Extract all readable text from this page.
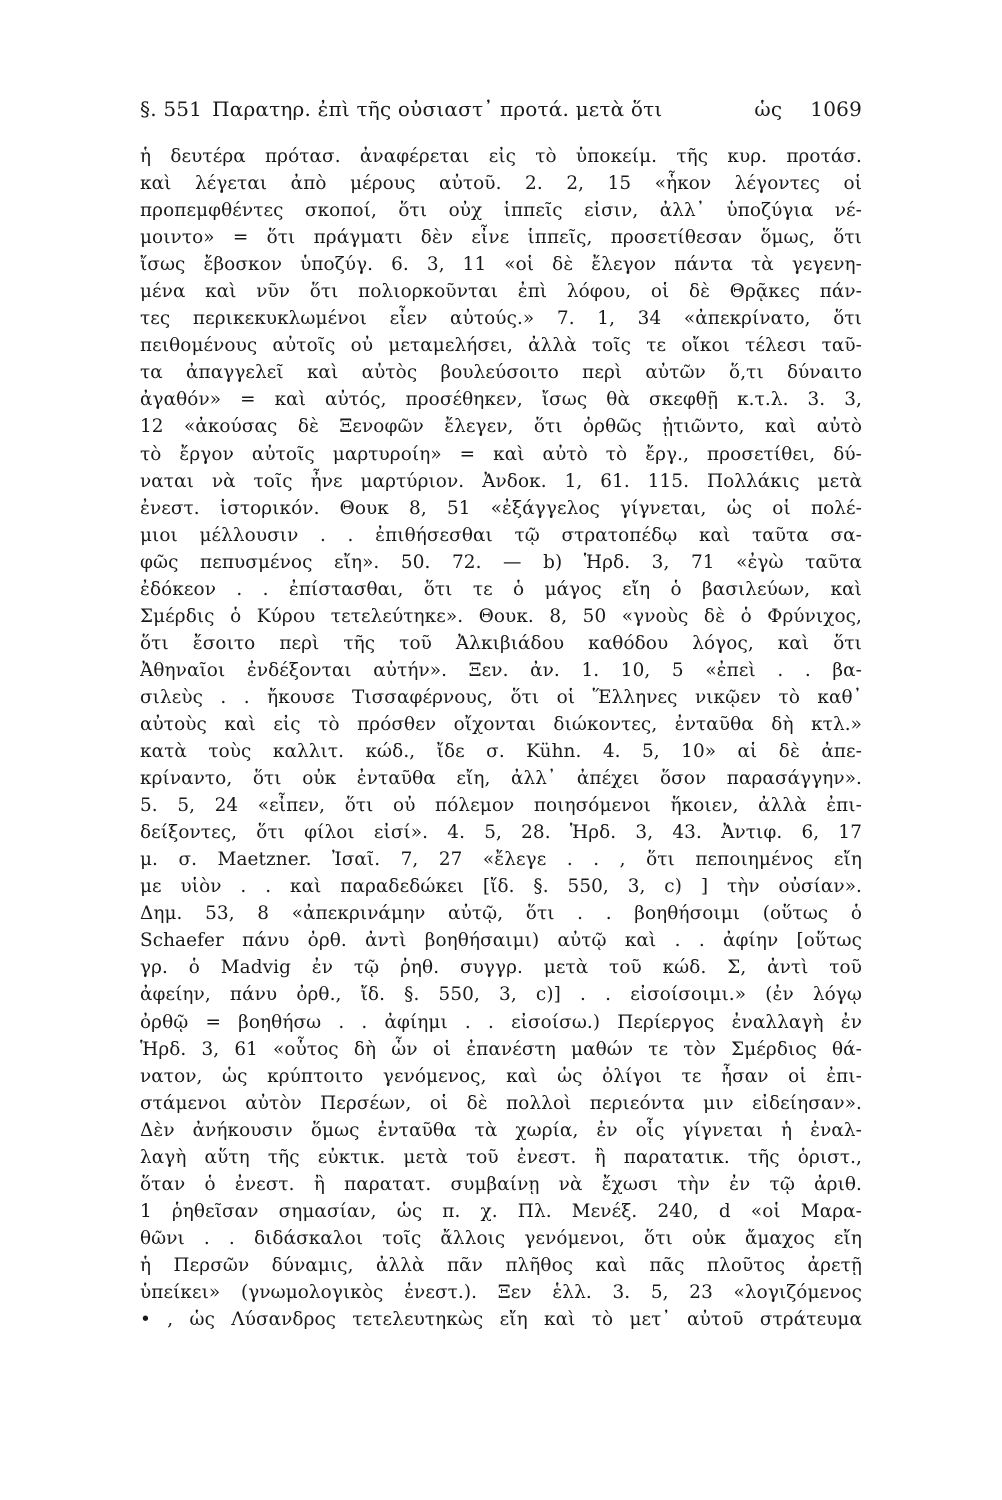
§. 551 Παρατηρ. ἐπὶ τῆς οὐσιαστ᾽ προτά. μετὰ ὅτι	ὡς 1069
ἡ δευτέρα πρότασ. ἀναφέρεται εἰς τὸ ὑποκείμ. τῆς κυρ. προτάσ.
καὶ λέγεται ἀπὸ μέρους αὐτοῦ. 2. 2, 15 «ἧκον λέγοντες οἱ
προπεμφθέντες σκοποί, ὅτι οὐχ ἱππεῖς εἰσιν, ἀλλ᾽ ὑποζύγια νέ-
μοιντο» = ὅτι πράγματι δὲν εἶνε ἱππεῖς, προσετίθεσαν ὅμως, ὅτι
ἴσως ἔβοσκον ὑποζύγ. 6. 3, 11 «οἱ δὲ ἔλεγον πάντα τὰ γεγενη-
μένα καὶ νῦν ὅτι πολιορκοῦνται ἐπὶ λόφου, οἱ δὲ Θρᾷκες πάν-
τες περικεκυκλωμένοι εἶεν αὐτούς.» 7. 1, 34 «ἀπεκρίνατο, ὅτι
πειθομένους αὐτοῖς οὐ μεταμελήσει, ἀλλὰ τοῖς τε οἴκοι τέλεσι ταῦ-
τα ἀπαγγελεῖ καὶ αὐτὸς βουλεύσοιτο περὶ αὐτῶν ὅ,τι δύναιτο
ἀγαθόν» = καὶ αὐτός, προσέθηκεν, ἴσως θὰ σκεφθῇ κ.τ.λ. 3. 3,
12 «ἀκούσας δὲ Ξενοφῶν ἔλεγεν, ὅτι ὀρθῶς ᾐτιῶντο, καὶ αὐτὸ
τὸ ἔργον αὐτοῖς μαρτυροίη» = καὶ αὐτὸ τὸ ἔργ., προσετίθει, δύ-
ναται νὰ τοῖς ἦνε μαρτύριον. Ἀνδοκ. 1, 61. 115. Πολλάκις μετὰ
ἐνεστ. ἱστορικόν. Θουκ 8, 51 «ἐξάγγελος γίγνεται, ὡς οἱ πολέ-
μιοι μέλλουσιν . . ἐπιθήσεσθαι τῷ στρατοπέδῳ καὶ ταῦτα σα-
φῶς πεπυσμένος εἴη». 50. 72. — b) Ἡρδ. 3, 71 «ἐγὼ ταῦτα
ἐδόκεον . . ἐπίστασθαι, ὅτι τε ὁ μάγος εἴη ὁ βασιλεύων, καὶ
Σμέρδις ὁ Κύρου τετελεύτηκε». Θουκ. 8, 50 «γνοὺς δὲ ὁ Φρύνιχος,
ὅτι ἔσοιτο περὶ τῆς τοῦ Ἀλκιβιάδου καθόδου λόγος, καὶ ὅτι
Ἀθηναῖοι ἐνδέξονται αὐτήν». Ξεν. ἀν. 1. 10, 5 «ἐπεὶ . . βα-
σιλεὺς . . ἤκουσε Τισσαφέρνους, ὅτι οἱ Ἕλληνες νικῷεν τὸ καθ᾽
αὐτοὺς καὶ εἰς τὸ πρόσθεν οἴχονται διώκοντες, ἐνταῦθα δὴ κτλ.»
κατὰ τοὺς καλλιτ. κώδ., ἴδε σ. Kühn. 4. 5, 10» αἱ δὲ ἀπε-
κρίναντο, ὅτι οὐκ ἐνταῦθα εἴη, ἀλλ᾽ ἀπέχει ὅσον παρασάγγην».
5. 5, 24 «εἶπεν, ὅτι οὐ πόλεμον ποιησόμενοι ἥκοιεν, ἀλλὰ ἐπι-
δείξοντες, ὅτι φίλοι εἰσί». 4. 5, 28. Ἡρδ. 3, 43. Ἀντιφ. 6, 17
μ. σ. Maetzner. Ἰσαῖ. 7, 27 «ἔλεγε . . , ὅτι πεποιημένος εἴη
με υἱὸν . . καὶ παραδεδώκει [ἴδ. §. 550, 3, c) ] τὴν οὐσίαν».
Δημ. 53, 8 «ἀπεκρινάμην αὐτῷ, ὅτι . . βοηθήσοιμι (οὕτως ὁ
Schaefer πάνυ ὀρθ. ἀντὶ βοηθήσαιμι) αὐτῷ καὶ . . ἀφίην [οὕτως
γρ. ὁ Madvig ἐν τῷ ῥηθ. συγγρ. μετὰ τοῦ κώδ. Σ, ἀντὶ τοῦ
ἀφείην, πάνυ ὀρθ., ἴδ. §. 550, 3, c)] . . εἰσοίσοιμι.» (ἐν λόγῳ
ὀρθῷ = βοηθήσω . . ἀφίημι . . εἰσοίσω.) Περίεργος ἐναλλαγὴ ἐν
Ἡρδ. 3, 61 «οὗτος δὴ ὧν οἱ ἐπανέστη μαθών τε τὸν Σμέρδιος θά-
νατον, ὡς κρύπτοιτο γενόμενος, καὶ ὡς ὀλίγοι τε ἦσαν οἱ ἐπι-
στάμενοι αὐτὸν Περσέων, οἱ δὲ πολλοὶ περιεόντα μιν εἰδείησαν».
Δὲν ἀνήκουσιν ὅμως ἐνταῦθα τὰ χωρία, ἐν οἷς γίγνεται ἡ ἐναλ-
λαγὴ αὕτη τῆς εὐκτικ. μετὰ τοῦ ἐνεστ. ἢ παρατατικ. τῆς ὁριστ.,
ὅταν ὁ ἐνεστ. ἢ παρατατ. συμβαίνῃ νὰ ἔχωσι τὴν ἐν τῷ ἀριθ.
1 ῥηθεῖσαν σημασίαν, ὡς π. χ. Πλ. Μενέξ. 240, d «οἱ Μαρα-
θῶνι . . διδάσκαλοι τοῖς ἄλλοις γενόμενοι, ὅτι οὐκ ἄμαχος εἴη
ἡ Περσῶν δύναμις, ἀλλὰ πᾶν πλῆθος καὶ πᾶς πλοῦτος ἀρετῇ
ὑπείκει» (γνωμολογικὸς ἐνεστ.). Ξεν ἑλλ. 3. 5, 23 «λογιζόμενος
• , ὡς Λύσανδρος τετελευτηκὼς εἴη καὶ τὸ μετ᾽ αὐτοῦ στράτευμα
